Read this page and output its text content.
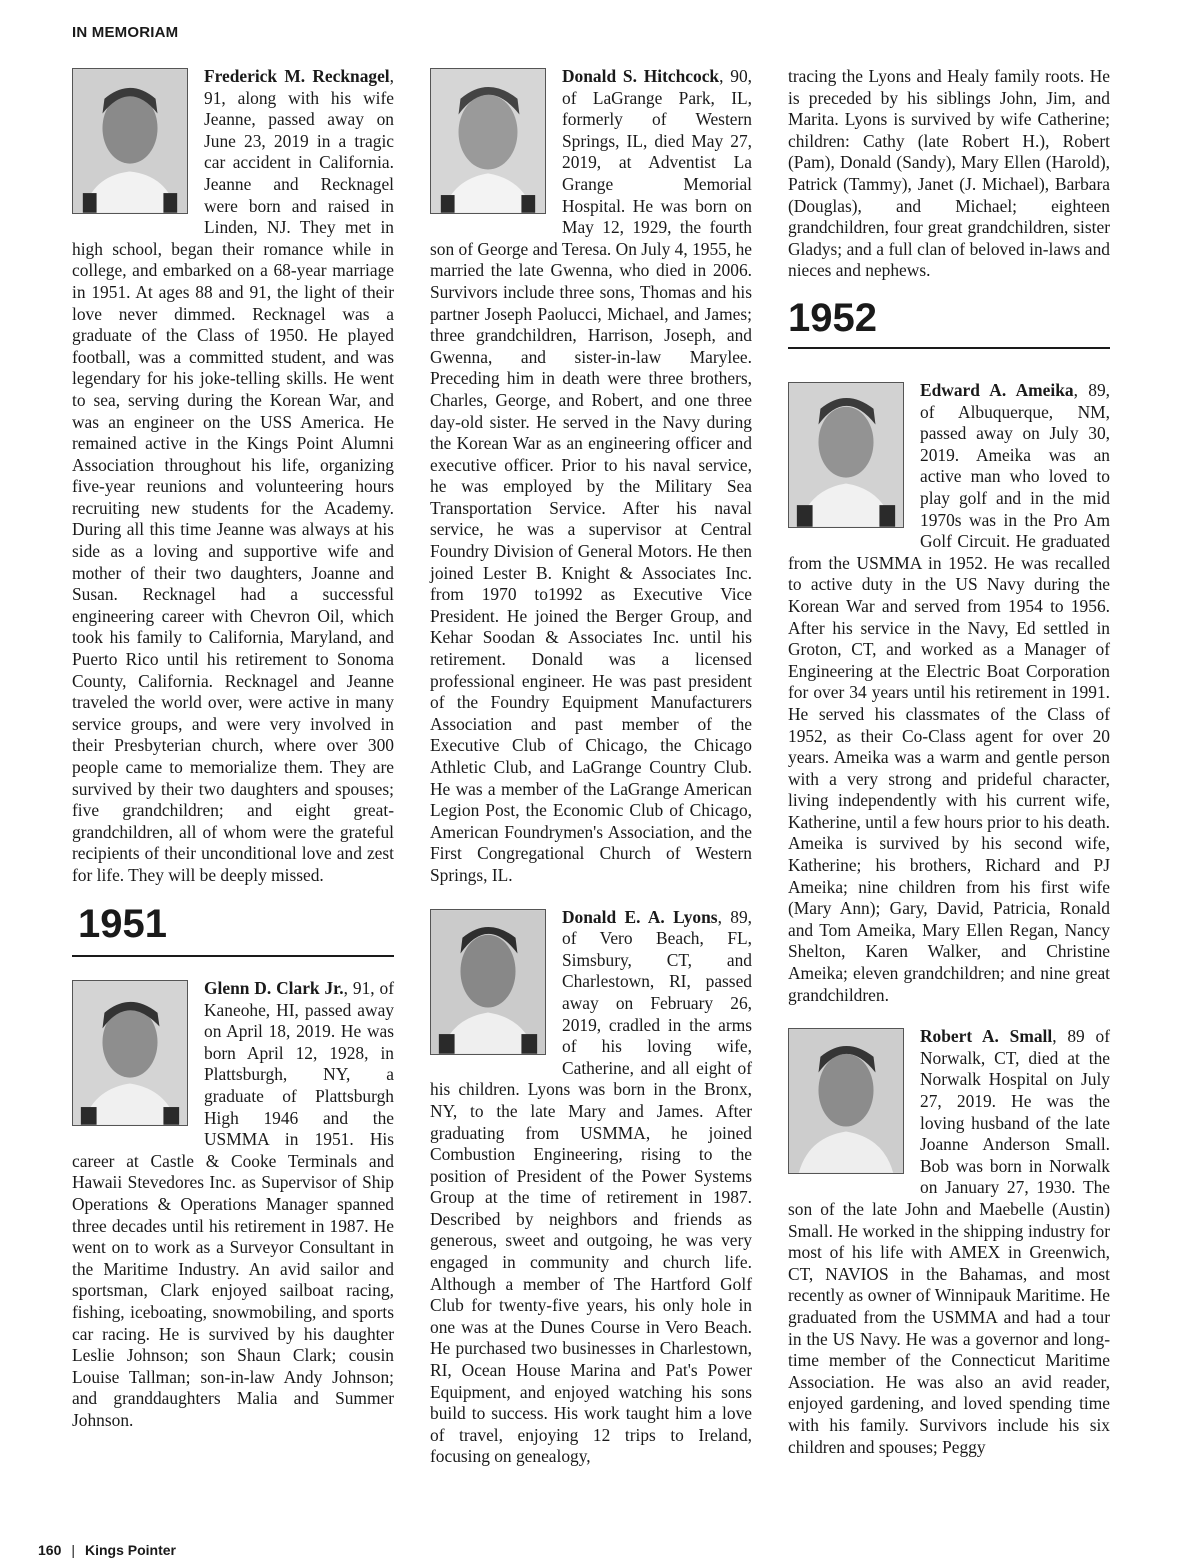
IN MEMORIAM

Frederick M. Recknagel, 91, along with his wife Jeanne, passed away on June 23, 2019 in a tragic car accident in California. Jeanne and Recknagel were born and raised in Linden, NJ. They met in high school, began their romance while in college, and embarked on a 68-year marriage in 1951. At ages 88 and 91, the light of their love never dimmed. Recknagel was a graduate of the Class of 1950. He played football, was a committed student, and was legendary for his joke-telling skills. He went to sea, serving during the Korean War, and was an engineer on the USS America. He remained active in the Kings Point Alumni Association throughout his life, organizing five-year reunions and volunteering hours recruiting new students for the Academy. During all this time Jeanne was always at his side as a loving and supportive wife and mother of their two daughters, Joanne and Susan. Recknagel had a successful engineering career with Chevron Oil, which took his family to California, Maryland, and Puerto Rico until his retirement to Sonoma County, California. Recknagel and Jeanne traveled the world over, were active in many service groups, and were very involved in their Presbyterian church, where over 300 people came to memorialize them. They are survived by their two daughters and spouses; five grandchildren; and eight great-grandchildren, all of whom were the grateful recipients of their unconditional love and zest for life. They will be deeply missed.

1951

Glenn D. Clark Jr., 91, of Kaneohe, HI, passed away on April 18, 2019. He was born April 12, 1928, in Plattsburgh, NY, a graduate of Plattsburgh High 1946 and the USMMA in 1951. His career at Castle & Cooke Terminals and Hawaii Stevedores Inc. as Supervisor of Ship Operations & Operations Manager spanned three decades until his retirement in 1987. He went on to work as a Surveyor Consultant in the Maritime Industry. An avid sailor and sportsman, Clark enjoyed sailboat racing, fishing, iceboating, snowmobiling, and sports car racing. He is survived by his daughter Leslie Johnson; son Shaun Clark; cousin Louise Tallman; son-in-law Andy Johnson; and granddaughters Malia and Summer Johnson.

Donald S. Hitchcock, 90, of LaGrange Park, IL, formerly of Western Springs, IL, died May 27, 2019, at Adventist La Grange Memorial Hospital. He was born on May 12, 1929, the fourth son of George and Teresa. On July 4, 1955, he married the late Gwenna, who died in 2006. Survivors include three sons, Thomas and his partner Joseph Paolucci, Michael, and James; three grandchildren, Harrison, Joseph, and Gwenna, and sister-in-law Marylee. Preceding him in death were three brothers, Charles, George, and Robert, and one three day-old sister. He served in the Navy during the Korean War as an engineering officer and executive officer. Prior to his naval service, he was employed by the Military Sea Transportation Service. After his naval service, he was a supervisor at Central Foundry Division of General Motors. He then joined Lester B. Knight & Associates Inc. from 1970 to1992 as Executive Vice President. He joined the Berger Group, and Kehar Soodan & Associates Inc. until his retirement. Donald was a licensed professional engineer. He was past president of the Foundry Equipment Manufacturers Association and past member of the Executive Club of Chicago, the Chicago Athletic Club, and LaGrange Country Club. He was a member of the LaGrange American Legion Post, the Economic Club of Chicago, American Foundrymen's Association, and the First Congregational Church of Western Springs, IL.

Donald E. A. Lyons, 89, of Vero Beach, FL, Simsbury, CT, and Charlestown, RI, passed away on February 26, 2019, cradled in the arms of his loving wife, Catherine, and all eight of his children. Lyons was born in the Bronx, NY, to the late Mary and James. After graduating from USMMA, he joined Combustion Engineering, rising to the position of President of the Power Systems Group at the time of retirement in 1987. Described by neighbors and friends as generous, sweet and outgoing, he was very engaged in community and church life. Although a member of The Hartford Golf Club for twenty-five years, his only hole in one was at the Dunes Course in Vero Beach. He purchased two businesses in Charlestown, RI, Ocean House Marina and Pat's Power Equipment, and enjoyed watching his sons build to success. His work taught him a love of travel, enjoying 12 trips to Ireland, focusing on genealogy,

tracing the Lyons and Healy family roots. He is preceded by his siblings John, Jim, and Marita. Lyons is survived by wife Catherine; children: Cathy (late Robert H.), Robert (Pam), Donald (Sandy), Mary Ellen (Harold), Patrick (Tammy), Janet (J. Michael), Barbara (Douglas), and Michael; eighteen grandchildren, four great grandchildren, sister Gladys; and a full clan of beloved in-laws and nieces and nephews.

1952

Edward A. Ameika, 89, of Albuquerque, NM, passed away on July 30, 2019. Ameika was an active man who loved to play golf and in the mid 1970s was in the Pro Am Golf Circuit. He graduated from the USMMA in 1952. He was recalled to active duty in the US Navy during the Korean War and served from 1954 to 1956. After his service in the Navy, Ed settled in Groton, CT, and worked as a Manager of Engineering at the Electric Boat Corporation for over 34 years until his retirement in 1991. He served his classmates of the Class of 1952, as their Co-Class agent for over 20 years. Ameika was a warm and gentle person with a very strong and prideful character, living independently with his current wife, Katherine, until a few hours prior to his death. Ameika is survived by his second wife, Katherine; his brothers, Richard and PJ Ameika; nine children from his first wife (Mary Ann); Gary, David, Patricia, Ronald and Tom Ameika, Mary Ellen Regan, Nancy Shelton, Karen Walker, and Christine Ameika; eleven grandchildren; and nine great grandchildren.

Robert A. Small, 89 of Norwalk, CT, died at the Norwalk Hospital on July 27, 2019. He was the loving husband of the late Joanne Anderson Small. Bob was born in Norwalk on January 27, 1930. The son of the late John and Maebelle (Austin) Small. He worked in the shipping industry for most of his life with AMEX in Greenwich, CT, NAVIOS in the Bahamas, and most recently as owner of Winnipauk Maritime. He graduated from the USMMA and had a tour in the US Navy. He was a governor and long- time member of the Connecticut Maritime Association. He was also an avid reader, enjoyed gardening, and loved spending time with his family. Survivors include his six children and spouses; Peggy

160 | Kings Pointer
